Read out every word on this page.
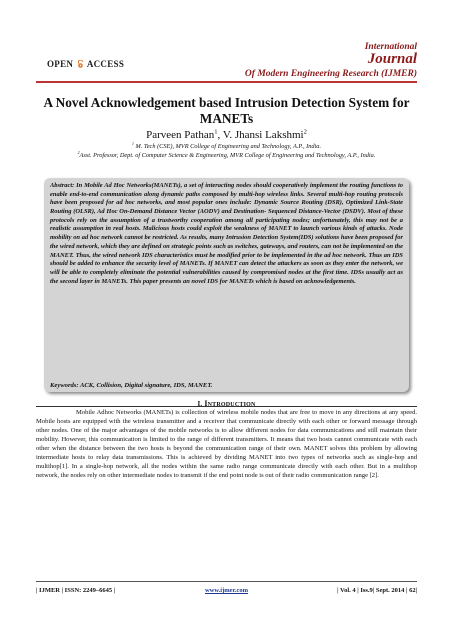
International
Journal
Of Modern Engineering Research (IJMER)
OPEN ACCESS
A Novel Acknowledgement based Intrusion Detection System for
MANETs
Parveen Pathan$^1$, V. Jhansi Lakshmi$^2$
$^1$ M. Tech (CSE), MVR College of Engineering and Technology, A.P., India.
$^2$Asst. Professor, Dept. of Computer Science & Engineering, MVR College of Engineering and Technology, A.P., India.
Abstract: In Mobile Ad Hoc Networks(MANETs), a set of interacting nodes should cooperatively implement the routing functions to enable end-to-end communication along dynamic paths composed by multi-hop wireless links. Several multi-hop routing protocols have been proposed for ad hoc networks, and most popular ones include: Dynamic Source Routing (DSR), Optimized Link-State Routing (OLSR), Ad Hoc On-Demand Distance Vector (AODV) and Destination- Sequenced Distance-Vector (DSDV). Most of these protocols rely on the assumption of a trustworthy cooperation among all participating nodes; unfortunately, this may not be a realistic assumption in real hosts. Malicious hosts could exploit the weakness of MANET to launch various kinds of attacks. Node mobility on ad hoc network cannot be restricted. As results, many Intrusion Detection System(IDS) solutions have been proposed for the wired network, which they are defined on strategic points such as switches, gateways, and routers, can not be implemented on the MANET. Thus, the wired network IDS characteristics must be modified prior to be implemented in the ad hoc network. Thus an IDS should be added to enhance the security level of MANETs. If MANET can detect the attackers as soon as they enter the network, we will be able to completely eliminate the potential vulnerabilities caused by compromised nodes at the first time. IDSs usually act as the second layer in MANETs. This paper presents an novel IDS for MANETs which is based on acknowledgements.
Keywords: ACK, Collision, Digital signature, IDS, MANET.
I. INTRODUCTION

Mobile Adhoc Networks (MANETs) is collection of wireless mobile nodes that are free to move in any directions at any speed. Mobile hosts are equipped with the wireless transmitter and a receiver that communicate directly with each other or forward message through other nodes. One of the major advantages of the mobile networks is to allow different nodes for data communications and still maintain their mobility. However, this communication is limited to the range of different transmitters. It means that two hosts cannot communicate with each other when the distance between the two hosts is beyond the communication range of their own. MANET solves this problem by allowing intermediate hosts to relay data transmissions. This is achieved by dividing MANET into two types of networks such as single-hop and multihop[1]. In a single-hop network, all the nodes within the same radio range communicate directly with each other. But in a multihop network, the nodes rely on other intermediate nodes to transmit if the end point node is out of their radio communication range [2].

| IJMER | ISSN: 2249–6645 |	www.ijmer.com	| Vol. 4 | Iss.9| Sept. 2014 | 62|
